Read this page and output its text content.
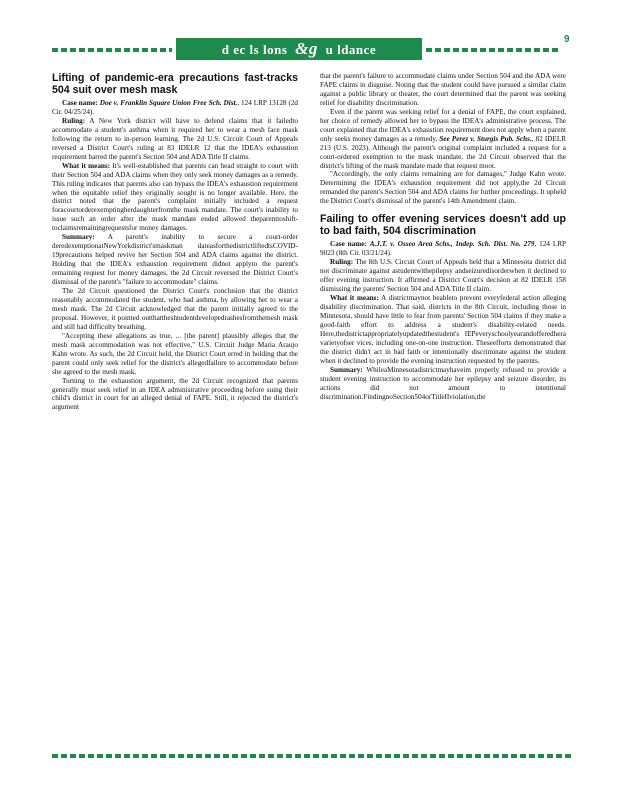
d ec ls lons &g u ldance
9
Lifting of pandemic-era precautions fast-tracks 504 suit over mesh mask

Case name: Doe v. Franklin Square Union Free Sch. Dist., 124 LRP 13128 (2d Cir. 04/25/24).

Ruling: A New York district will have to defend claims that it failedto accommodate a student's asthma when it required her to wear a mesh face mask following the return to in-person learning. The 2d U.S. Circuit Court of Appeals reversed a District Court's ruling at 83 IDELR 12 that the IDEA's exhaustion requirement barred the parent's Section 504 and ADA Title II claims.

What it means: It's well-established that parents can head straight to court with their Section 504 and ADA claims when they only seek money damages as a remedy. This ruling indicates that parents also can bypass the IDEA's exhaustion requirement when the equitable relief they originally sought is no longer available. Here, the district noted that the parent's complaint initially included a request foracourtorderexemptingherdaughterfromthe mask mandate. The court's inability to issue such an order after the mask mandate ended allowed theparenttoshift-toclaimsremainingrequestsfor money damages.

Summary: A parent's inability to secure a court-order deredexemptionatNewYorkdistrict'smaskman dateasforthedistrictliftedtsCOVID-19precautions helped revive her Section 504 and ADA claims against the district. Holding that the IDEA's exhaustion requirement didnot applyto the parent's remaining request for money damages, the 2d Circuit reversed the District Court's dismissal of the parent's "failure to accommodate" claims.

The 2d Circuit questioned the District Court's conclusion that the district reasonably accommodated the student, who had asthma, by allowing her to wear a mesh mask. The 2d Circuit acknowledged that the parent initially agreed to the proposal. However, it pointed outthattheshtudentdevelopedrashesfromthemesh mask and still had difficulty breathing.

"Accepting these allegations as true, ... [the parent] plausibly alleges that the mesh mask accommodation was not effective," U.S. Circuit Judge Maria Araujo Kahn wrote. As such, the 2d Circuit held, the District Court erred in holding that the parent could only seek relief for the district's allegedfailure to accommodate before she agreed to the mesh mask.

Turning to the exhaustion argument, the 2d Circuit recognized that parents generally must seek relief in an IDEA administrative proceeding before suing their child's district in court for an alleged denial of FAPE. Still, it rejected the district's argument

that the parent's failure to accommodate claims under Section 504 and the ADA were FAPE claims in disguise. Noting that the student could have pursued a similar claim against a public library or theater, the court determined that the parent was seeking relief for disability discrimination.

Even if the parent was seeking relief for a denial of FAPE, the court explained, her choice of remedy allowed her to bypass the IDEA's administrative process. The court explained that the IDEA's exhaustion requirement does not apply when a parent only seeks money damages as a remedy. See Perez v. Sturgis Pub. Schs., 82 IDELR 213 (U.S. 2023). Although the parent's original complaint included a request for a court-ordered exemption to the mask mandate, the 2d Circuit observed that the district's lifting of the mask mandate made that request moot.

"Accordingly, the only claims remaining are for damages," Judge Kahn wrote. Determining the IDEA's exhaustion requirement did not apply,the 2d Circuit remanded the parent's Section 504 and ADA claims for further proceedings. It upheld the District Court's dismissal of the parent's 14th Amendment claim.

Failing to offer evening services doesn't add up to bad faith, 504 discrimination

Case name: A.J.T. v. Osseo Area Schs., Indep. Sch. Dist. No. 279, 124 LRP 9023 (8th Cir. 03/21/24).

Ruling: The 8th U.S. Circuit Court of Appeals held that a Minnesota district did not discriminate against astudentwithepilepsy andseizuredisorderwhen it declined to offer evening instruction. It affirmed a District Court's decision at 82 IDELR 158 dismissing the parents' Section 504 and ADA Title II claim.

What it means: A districtmaynot beableto prevent everyfederal action alleging disability discrimination. That said, districts in the 8th Circuit, including those in Minnesota, should have little to fear from parents' Section 504 claims if they make a good-faith effort to address a student's disability-related needs. Here,thedistrictappropriatelyupdatedthestudent's IEPeveryschoolyearandofferedhera varietyofser vices, including one-on-one instruction. Theseefforts demonstrated that the district didn't act in bad faith or intentionally discriminate against the student when it declined to provide the evening instruction requested by the parents.

Summary: WhileaMinnesotadistrictmayhaveim properly refused to provide a student evening instruction to accommodate her epilepsy and seizure disorder, its actions did not amount to intentional discrimination.FindingnoSection504orTitleIIviolation,the
